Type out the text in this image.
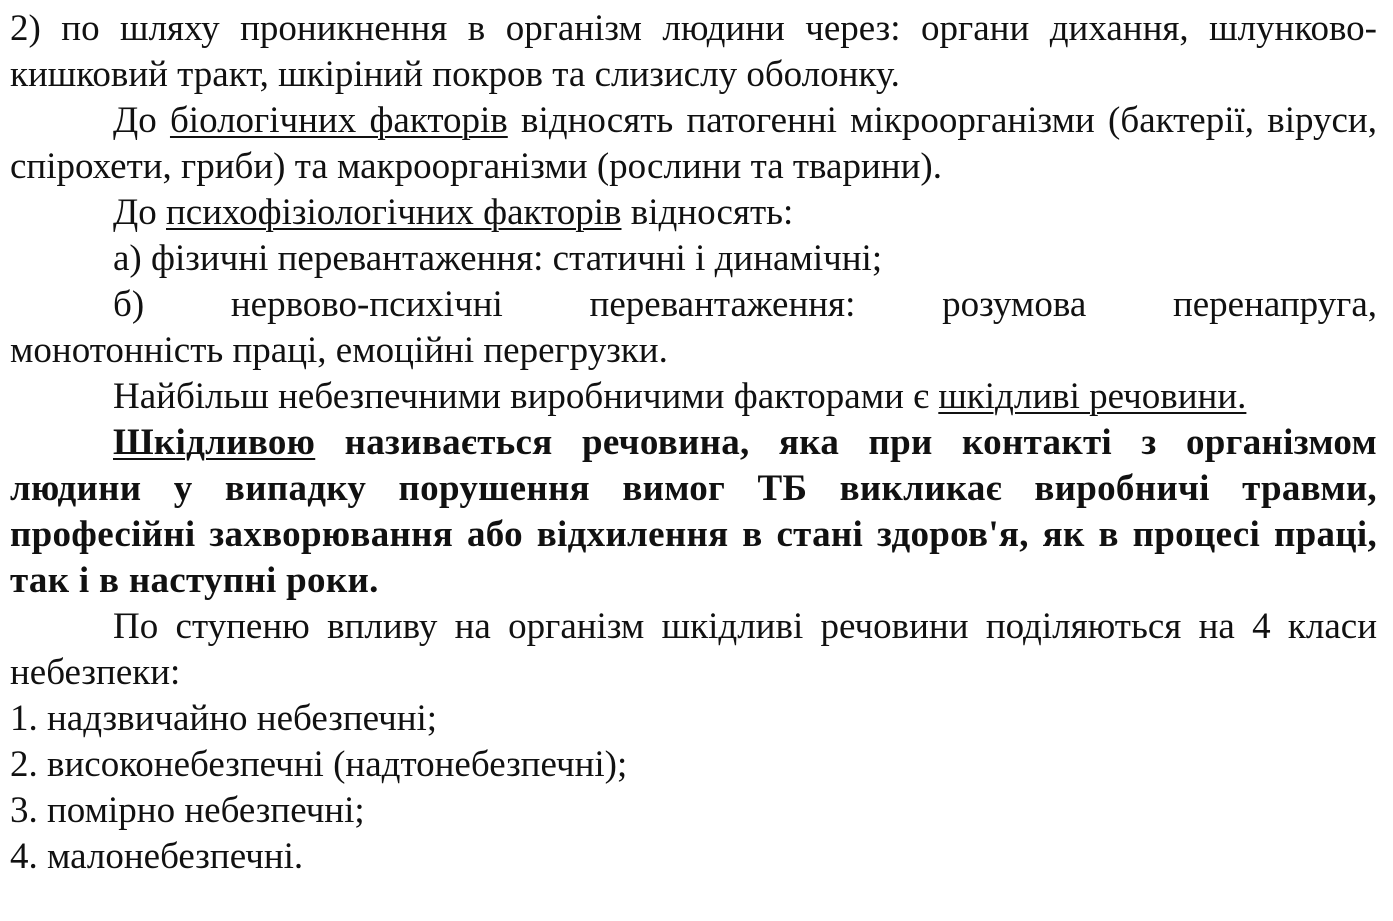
2) по шляху проникнення в організм людини через: органи дихання, шлунково-кишковий тракт, шкіріний покров та слизислу оболонку.

До біологічних факторів відносять патогенні мікроорганізми (бактерії, віруси, спірохети, гриби) та макроорганізми (рослини та тварини).

До психофізіологічних факторів відносять:

а) фізичні перевантаження: статичні і динамічні;

б) нервово-психічні перевантаження: розумова перенапруга,

монотонність праці, емоційні перегрузки.

Найбільш небезпечними виробничими факторами є шкідливі речовини.

Шкідливою називається речовина, яка при контакті з організмом людини у випадку порушення вимог ТБ викликає виробничі травми, професійні захворювання або відхилення в стані здоров'я, як в процесі праці, так і в наступні роки.

По ступеню впливу на організм шкідливі речовини поділяються на 4 класи небезпеки:

1. надзвичайно небезпечні;

2. високонебезпечні (надтонебезпечні);

3. помірно небезпечні;

4. малонебезпечні.
